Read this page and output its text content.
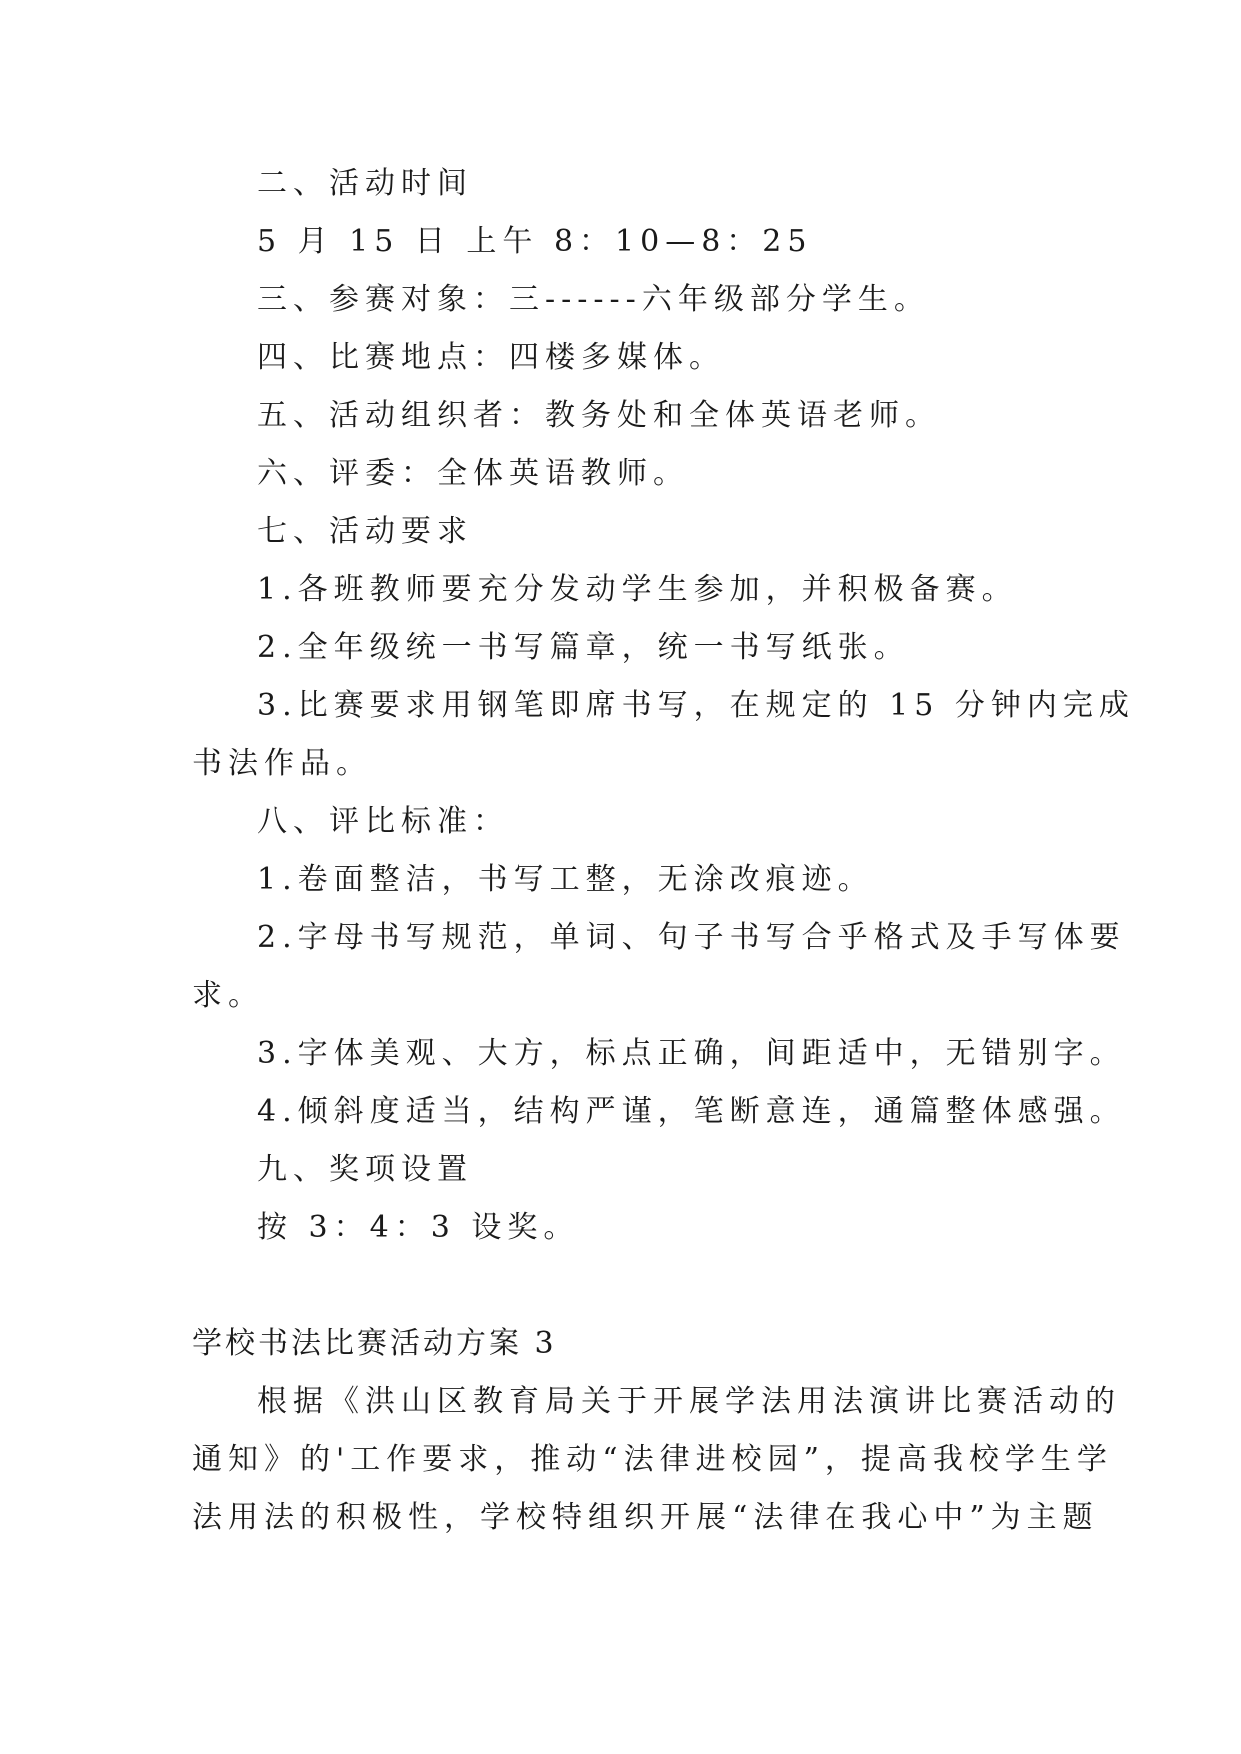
二、活动时间
5 月 15 日 上午 8：10—8：25
三、参赛对象：三------六年级部分学生。
四、比赛地点：四楼多媒体。
五、活动组织者：教务处和全体英语老师。
六、评委：全体英语教师。
七、活动要求
1.各班教师要充分发动学生参加，并积极备赛。
2.全年级统一书写篇章，统一书写纸张。
3.比赛要求用钢笔即席书写，在规定的 15 分钟内完成
书法作品。
八、评比标准：
1.卷面整洁，书写工整，无涂改痕迹。
2.字母书写规范，单词、句子书写合乎格式及手写体要
求。
3.字体美观、大方，标点正确，间距适中，无错别字。
4.倾斜度适当，结构严谨，笔断意连，通篇整体感强。
九、奖项设置
按 3：4：3 设奖。
学校书法比赛活动方案 3
根据《洪山区教育局关于开展学法用法演讲比赛活动的
通知》的'工作要求，推动“法律进校园”，提高我校学生学
法用法的积极性，学校特组织开展“法律在我心中”为主题
